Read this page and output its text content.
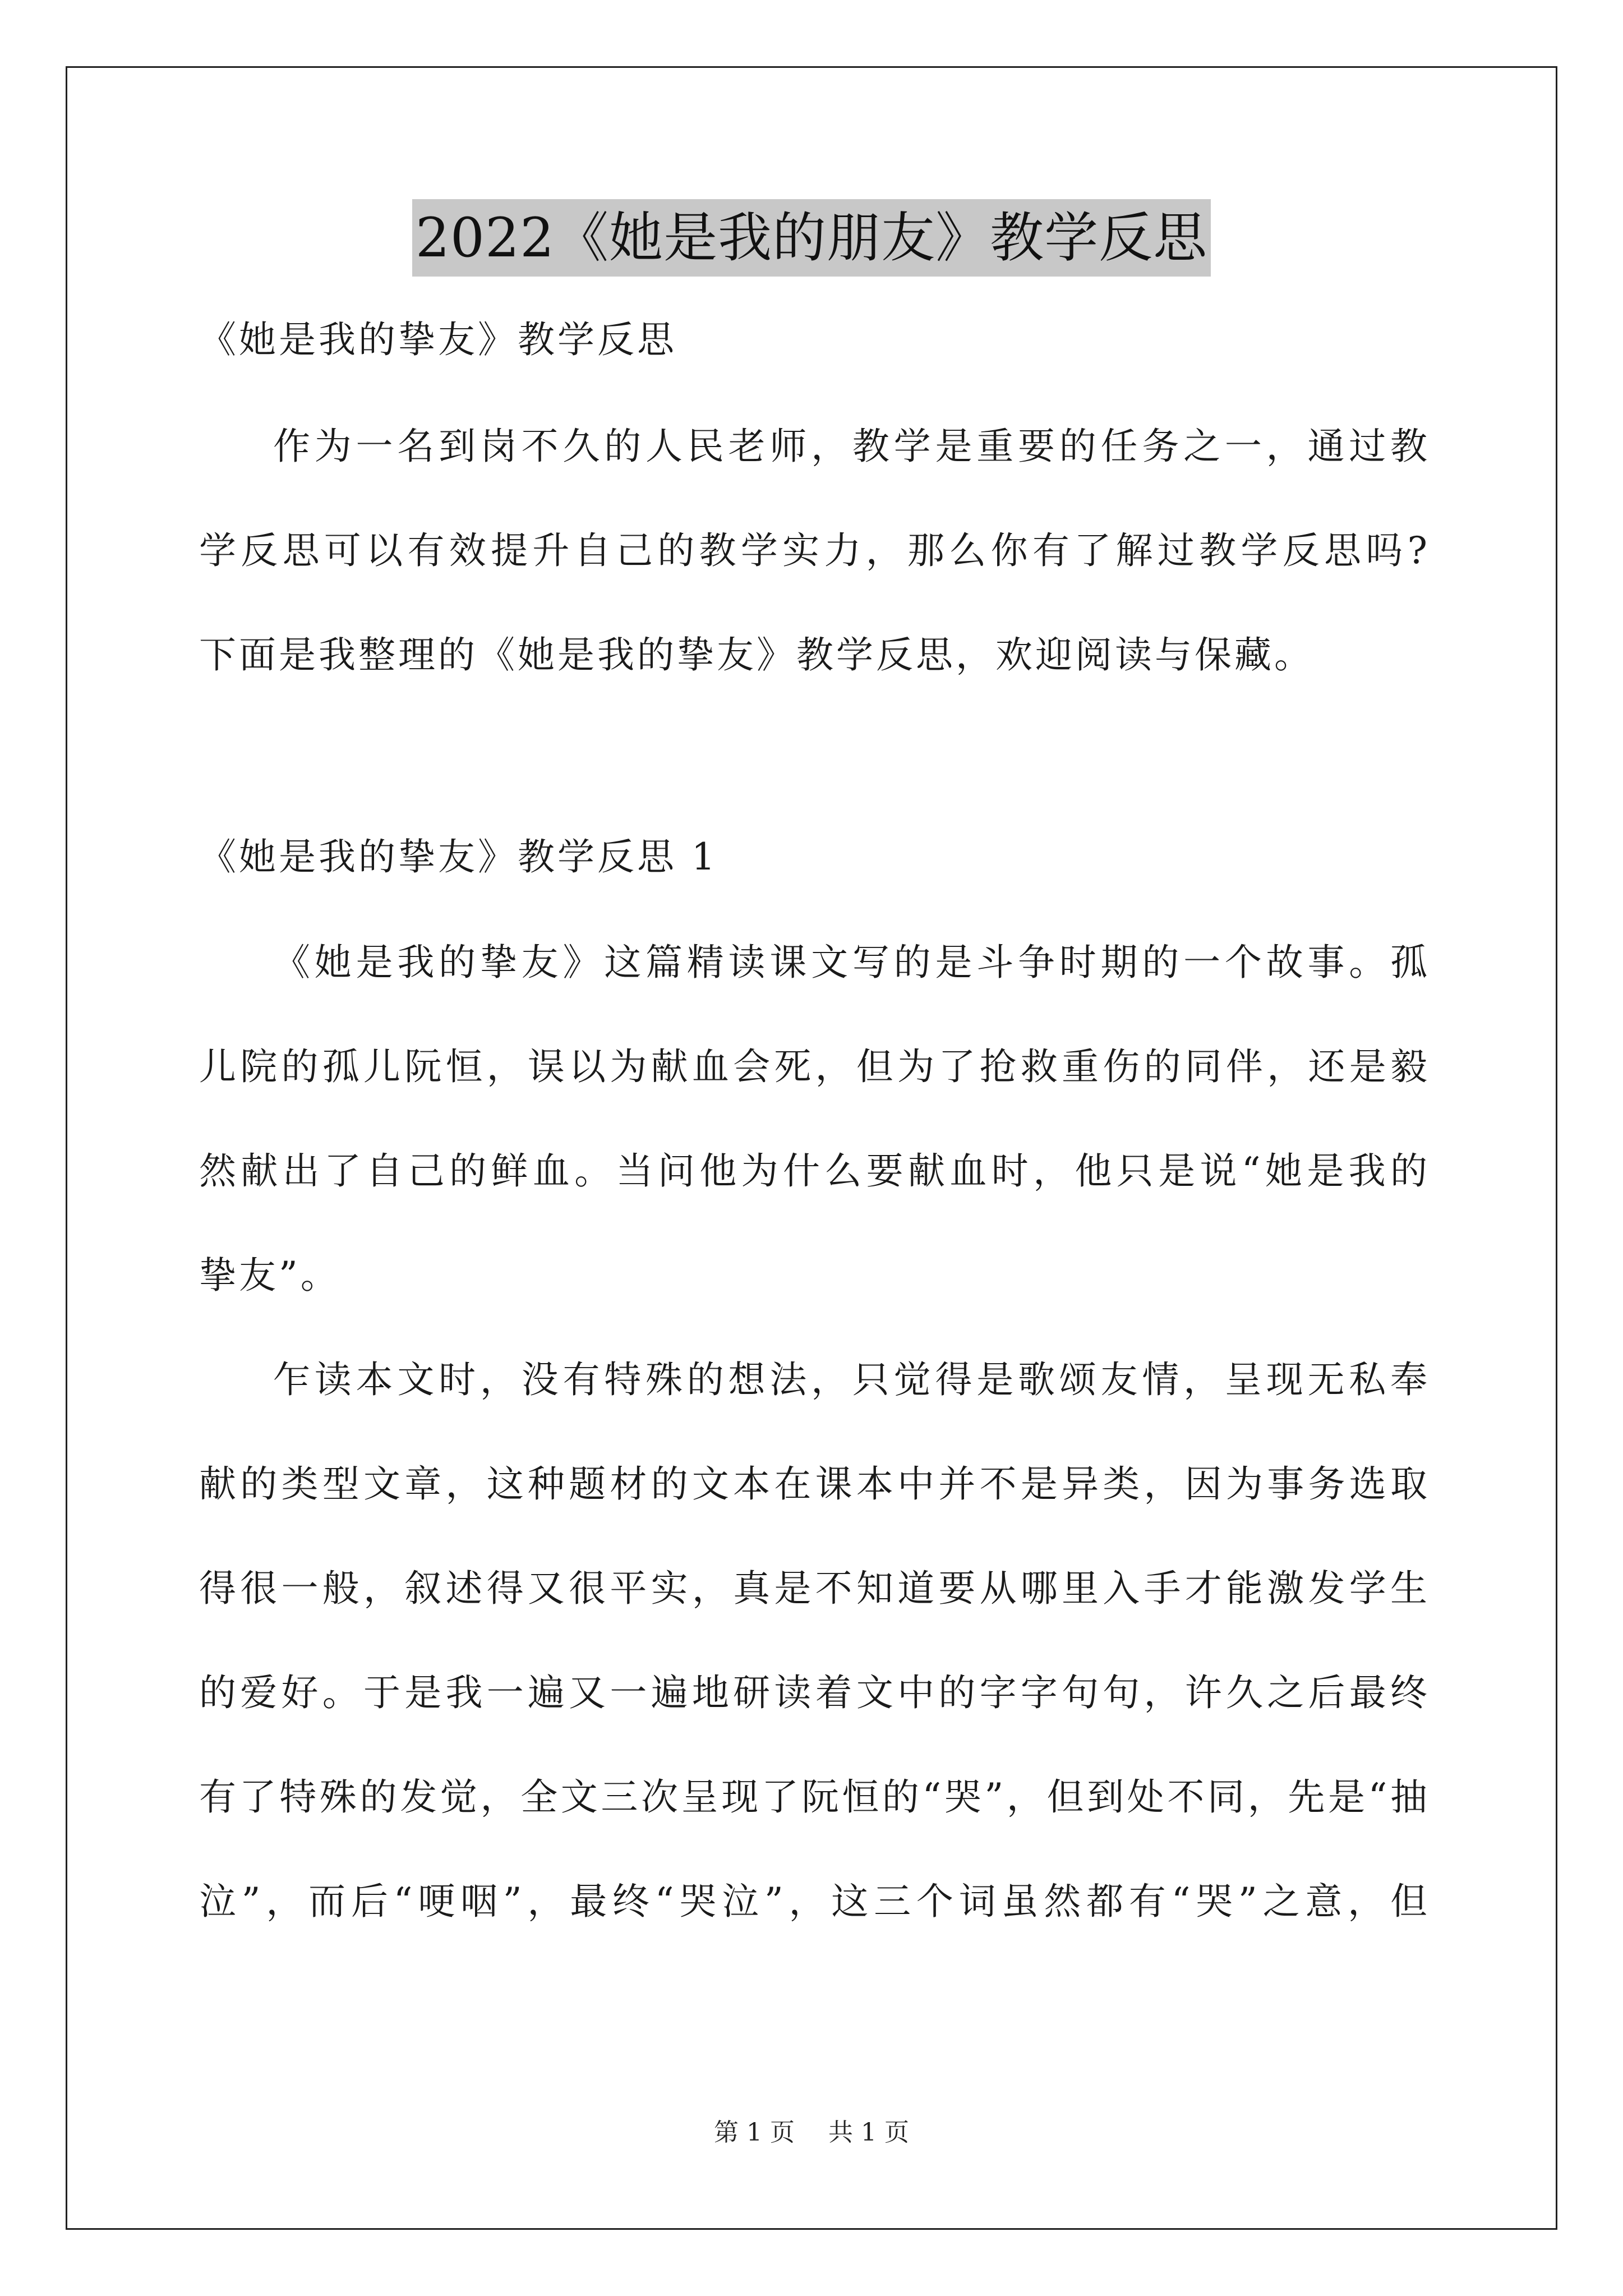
2022《她是我的朋友》教学反思
《她是我的挚友》教学反思
作为一名到岗不久的人民老师，教学是重要的任务之一，通过教
学反思可以有效提升自己的教学实力，那么你有了解过教学反思吗?
下面是我整理的《她是我的挚友》教学反思，欢迎阅读与保藏。
《她是我的挚友》教学反思 1
《她是我的挚友》这篇精读课文写的是斗争时期的一个故事。孤
儿院的孤儿阮恒，误以为献血会死，但为了抢救重伤的同伴，还是毅
然献出了自己的鲜血。当问他为什么要献血时，他只是说“她是我的
挚友”。
乍读本文时，没有特殊的想法，只觉得是歌颂友情，呈现无私奉
献的类型文章，这种题材的文本在课本中并不是异类，因为事务选取
得很一般，叙述得又很平实，真是不知道要从哪里入手才能激发学生
的爱好。于是我一遍又一遍地研读着文中的字字句句，许久之后最终
有了特殊的发觉，全文三次呈现了阮恒的“哭”，但到处不同，先是“抽
泣”，而后“哽咽”，最终“哭泣”，这三个词虽然都有“哭”之意，但
第 1 页 共 1 页
